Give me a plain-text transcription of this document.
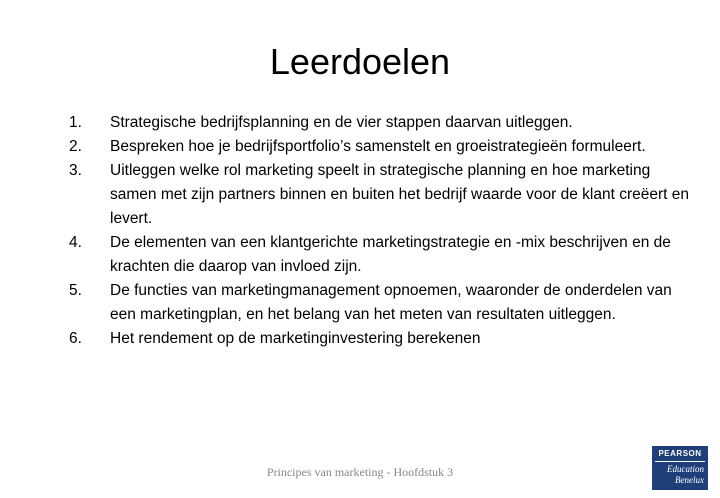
Leerdoelen
1.	Strategische bedrijfsplanning en de vier stappen daarvan uitleggen.
2.	Bespreken hoe je bedrijfsportfolio’s samenstelt en groeistrategieën formuleert.
3.	Uitleggen welke rol marketing speelt in strategische planning en hoe marketing samen met zijn partners binnen en buiten het bedrijf waarde voor de klant creëert en levert.
4.	De elementen van een klantgerichte marketingstrategie en -mix beschrijven en de krachten die daarop van invloed zijn.
5.	De functies van marketingmanagement opnoemen, waaronder de onderdelen van een marketingplan, en het belang van het meten van resultaten uitleggen.
6.	Het rendement op de marketinginvestering berekenen
Principes van marketing - Hoofdstuk 3
PEARSON
Education
Benelux
